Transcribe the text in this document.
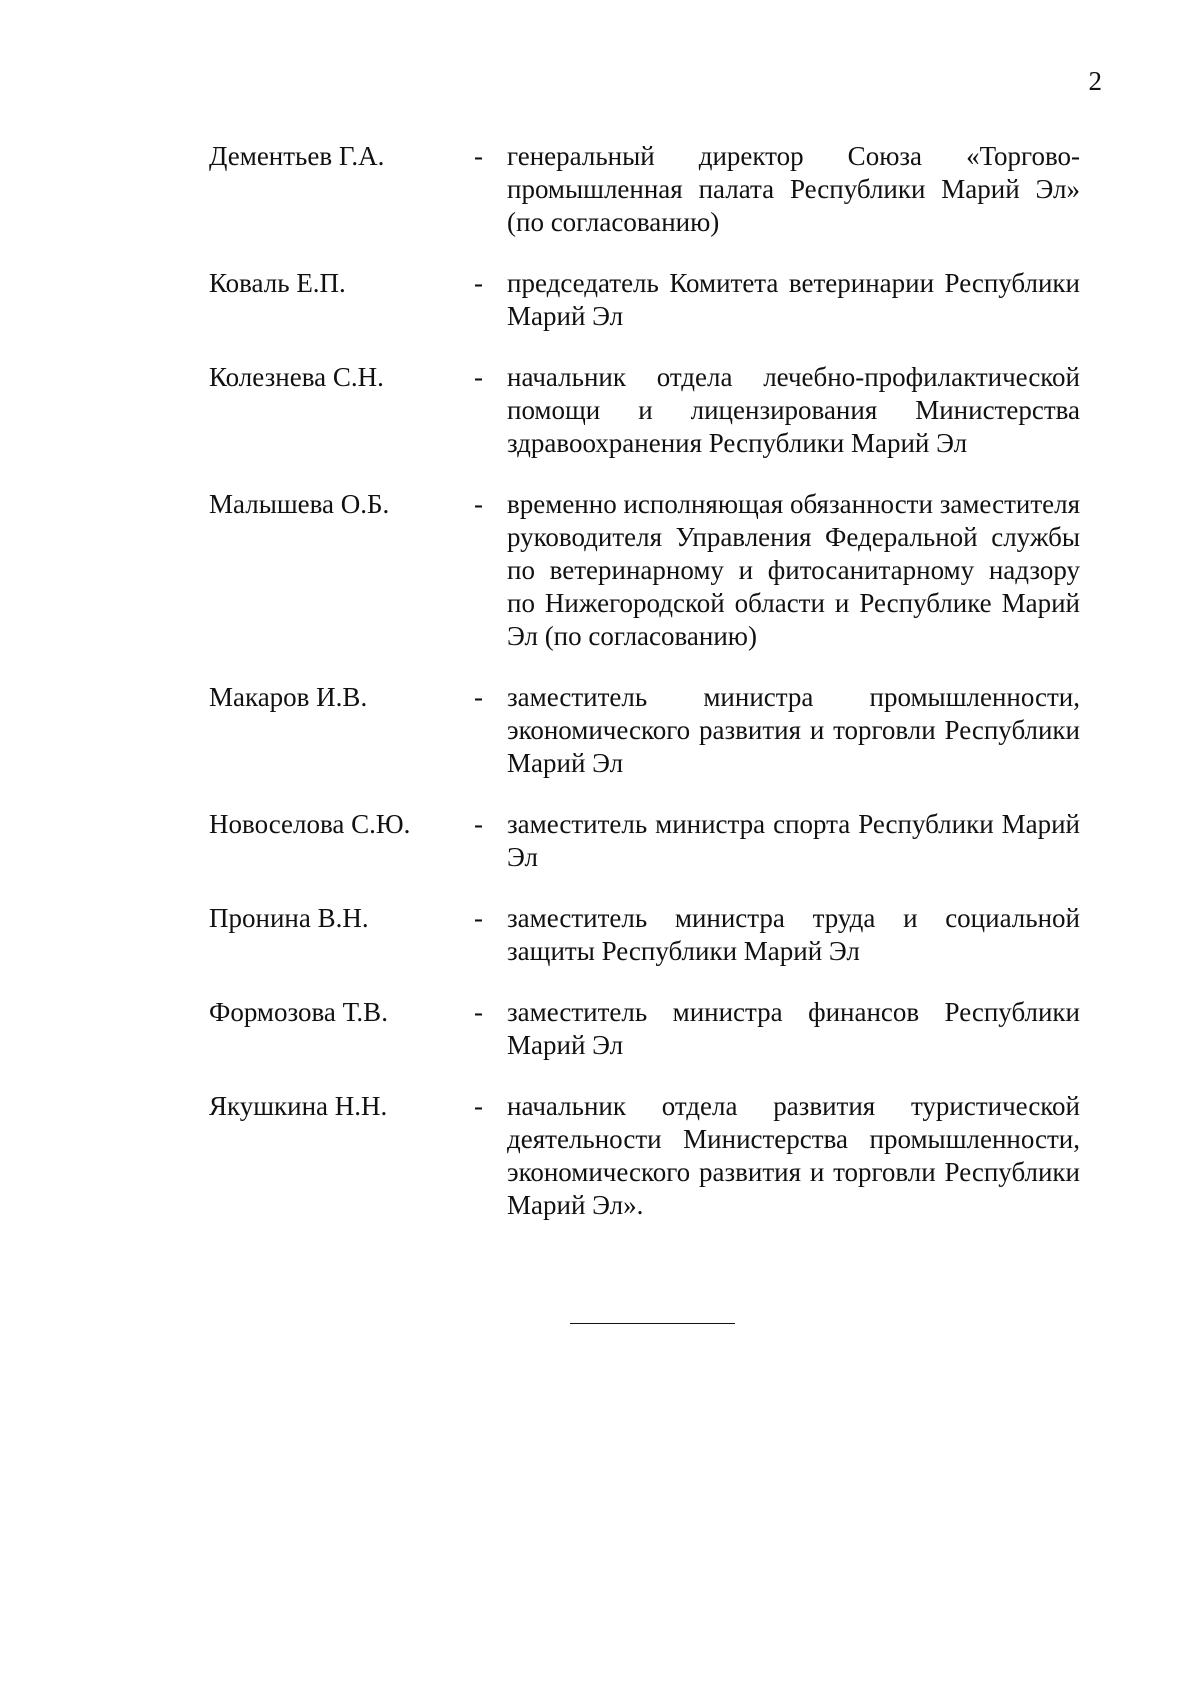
2
Дементьев Г.А.	- генеральный директор Союза «Торгово-промышленная палата Республики Марий Эл» (по согласованию)
Коваль Е.П.	- председатель Комитета ветеринарии Республики Марий Эл
Колезнева С.Н.	- начальник отдела лечебно-профилактической помощи и лицензирования Министерства здравоохранения Республики Марий Эл
Малышева О.Б.	- временно исполняющая обязанности заместителя руководителя Управления Федеральной службы по ветеринарному и фитосанитарному надзору по Нижегородской области и Республике Марий Эл (по согласованию)
Макаров И.В.	- заместитель министра промышленности, экономического развития и торговли Республики Марий Эл
Новоселова С.Ю. - заместитель министра спорта Республики Марий Эл
Пронина В.Н.	- заместитель министра труда и социальной защиты Республики Марий Эл
Формозова Т.В.	- заместитель министра финансов Республики Марий Эл
Якушкина Н.Н.	- начальник отдела развития туристической деятельности Министерства промышленности, экономического развития и торговли Республики Марий Эл».
